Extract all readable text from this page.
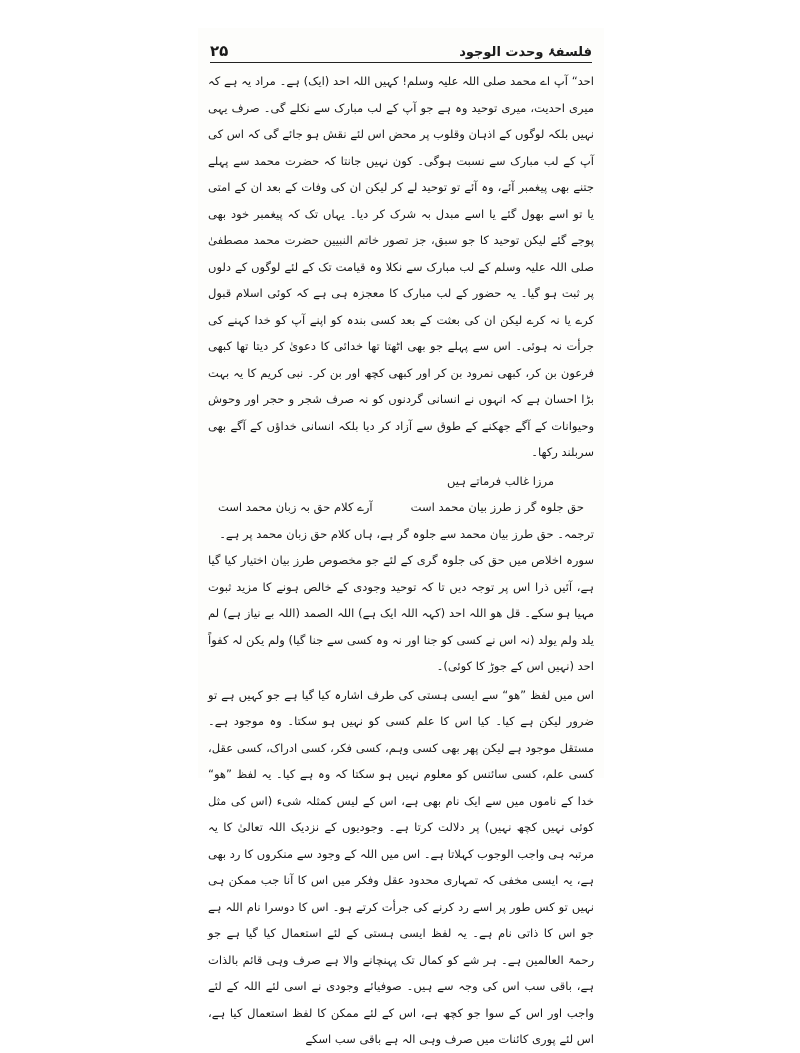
۲۵	فلسفۂ وحدت الوجود

احد“ آپ اے محمد صلی اللہ علیہ وسلم! کہیں اللہ احد (ایک) ہے۔ مراد یہ ہے کہ میری احدیت، میری توحید وہ ہے جو آپ کے لب مبارک سے نکلے گی۔ صرف یہی نہیں بلکہ لوگوں کے اذہان وقلوب پر محض اس لئے نقش ہو جائے گی کہ اس کی آپ کے لب مبارک سے نسبت ہوگی۔ کون نہیں جانتا کہ حضرت محمد سے پہلے جتنے بھی پیغمبر آئے، وہ آئے تو توحید لے کر لیکن ان کی وفات کے بعد ان کے امتی یا تو اسے بھول گئے یا اسے مبدل بہ شرک کر دیا۔ یہاں تک کہ پیغمبر خود بھی پوجے گئے لیکن توحید کا جو سبق، جز تصور خاتم النبیین حضرت محمد مصطفیٰ صلی اللہ علیہ وسلم کے لب مبارک سے نکلا وہ قیامت تک کے لئے لوگوں کے دلوں پر ثبت ہو گیا۔ یہ حضور کے لب مبارک کا معجزہ ہی ہے کہ کوئی اسلام قبول کرے یا نہ کرے لیکن ان کی بعثت کے بعد کسی بندہ کو اپنے آپ کو خدا کہنے کی جرأت نہ ہوئی۔ اس سے پہلے جو بھی اٹھتا تھا خدائی کا دعویٰ کر دیتا تھا کبھی فرعون بن کر، کبھی نمرود بن کر اور کبھی کچھ اور بن کر۔ نبی کریم کا یہ بہت بڑا احسان ہے کہ انہوں نے انسانی گردنوں کو نہ صرف شجر و حجر اور وحوش وحیوانات کے آگے جھکنے کے طوق سے آزاد کر دیا بلکہ انسانی خداؤں کے آگے بھی سربلند رکھا۔

مرزا غالب فرماتے ہیں
حق جلوہ گر ز طرز بیان محمد است
آرے کلام حق بہ زبان محمد است

ترجمہ۔ حق طرز بیان محمد سے جلوہ گر ہے، ہاں کلام حق زبان محمد پر ہے۔

سورہ اخلاص میں حق کی جلوہ گری کے لئے جو مخصوص طرز بیان اختیار کیا گیا ہے، آئیں ذرا اس پر توجہ دیں تا کہ توحید وجودی کے خالص ہونے کا مزید ثبوت مہیا ہو سکے۔ قل ھو اللہ احد (کہہ اللہ ایک ہے) اللہ الصمد (اللہ بے نیاز ہے) لم یلد ولم یولد (نہ اس نے کسی کو جنا اور نہ وہ کسی سے جنا گیا) ولم یکن لہ کفواً احد (نہیں اس کے جوڑ کا کوئی)۔

اس میں لفظ ”ھو“ سے ایسی ہستی کی طرف اشارہ کیا گیا ہے جو کہیں ہے تو ضرور لیکن ہے کیا۔ کیا اس کا علم کسی کو نہیں ہو سکتا۔ وہ موجود ہے۔ مستقل موجود ہے لیکن پھر بھی کسی وہم، کسی فکر، کسی ادراک، کسی عقل، کسی علم، کسی سائنس کو معلوم نہیں ہو سکتا کہ وہ ہے کیا۔ یہ لفظ ”ھو“ خدا کے ناموں میں سے ایک نام بھی ہے، اس کے لیس کمثلہ شیء (اس کی مثل کوئی نہیں کچھ نہیں) پر دلالت کرتا ہے۔ وجودیوں کے نزدیک اللہ تعالیٰ کا یہ مرتبہ ہی واجب الوجوب کہلاتا ہے۔ اس میں اللہ کے وجود سے منکروں کا رد بھی ہے، یہ ایسی مخفی کہ تمہاری محدود عقل وفکر میں اس کا آنا جب ممکن ہی نہیں تو کس طور پر اسے رد کرنے کی جرأت کرتے ہو۔ اس کا دوسرا نام اللہ ہے جو اس کا ذاتی نام ہے۔ یہ لفظ ایسی ہستی کے لئے استعمال کیا گیا ہے جو رحمۃ العالمین ہے۔ ہر شے کو کمال تک پہنچانے والا ہے صرف وہی قائم بالذات ہے، باقی سب اس کی وجہ سے ہیں۔ صوفیائے وجودی نے اسی لئے اللہ کے لئے واجب اور اس کے سوا جو کچھ ہے، اس کے لئے ممکن کا لفظ استعمال کیا ہے، اس لئے پوری کائنات میں صرف وہی الہ ہے باقی سب اسکے
